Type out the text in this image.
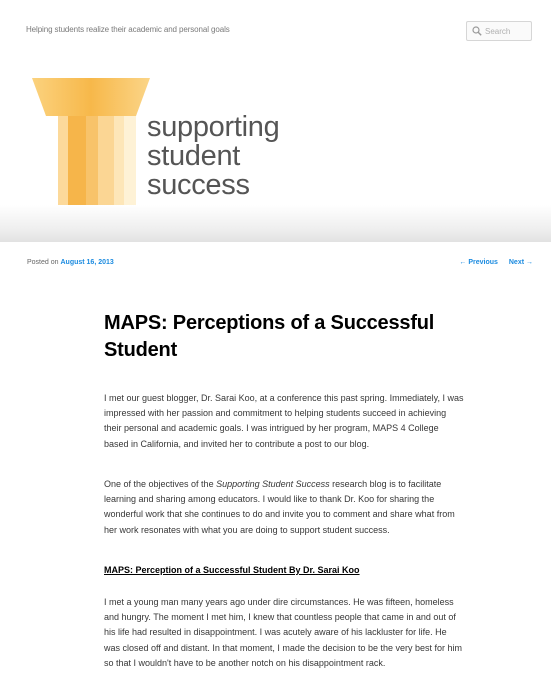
Helping students realize their academic and personal goals
Search
supporting
student
success
Posted on August 16, 2013	← Previous Next →
MAPS: Perceptions of a Successful Student

I met our guest blogger, Dr. Sarai Koo, at a conference this past spring. Immediately, I was impressed with her passion and commitment to helping students succeed in achieving their personal and academic goals. I was intrigued by her program, MAPS 4 College based in California, and invited her to contribute a post to our blog.

One of the objectives of the Supporting Student Success research blog is to facilitate learning and sharing among educators. I would like to thank Dr. Koo for sharing the wonderful work that she continues to do and invite you to comment and share what from her work resonates with what you are doing to support student success.

MAPS: Perception of a Successful Student By Dr. Sarai Koo

I met a young man many years ago under dire circumstances. He was fifteen, homeless and hungry. The moment I met him, I knew that countless people that came in and out of his life had resulted in disappointment. I was acutely aware of his lackluster for life. He was closed off and distant. In that moment, I made the decision to be the very best for him so that I wouldn't have to be another notch on his disappointment rack.
